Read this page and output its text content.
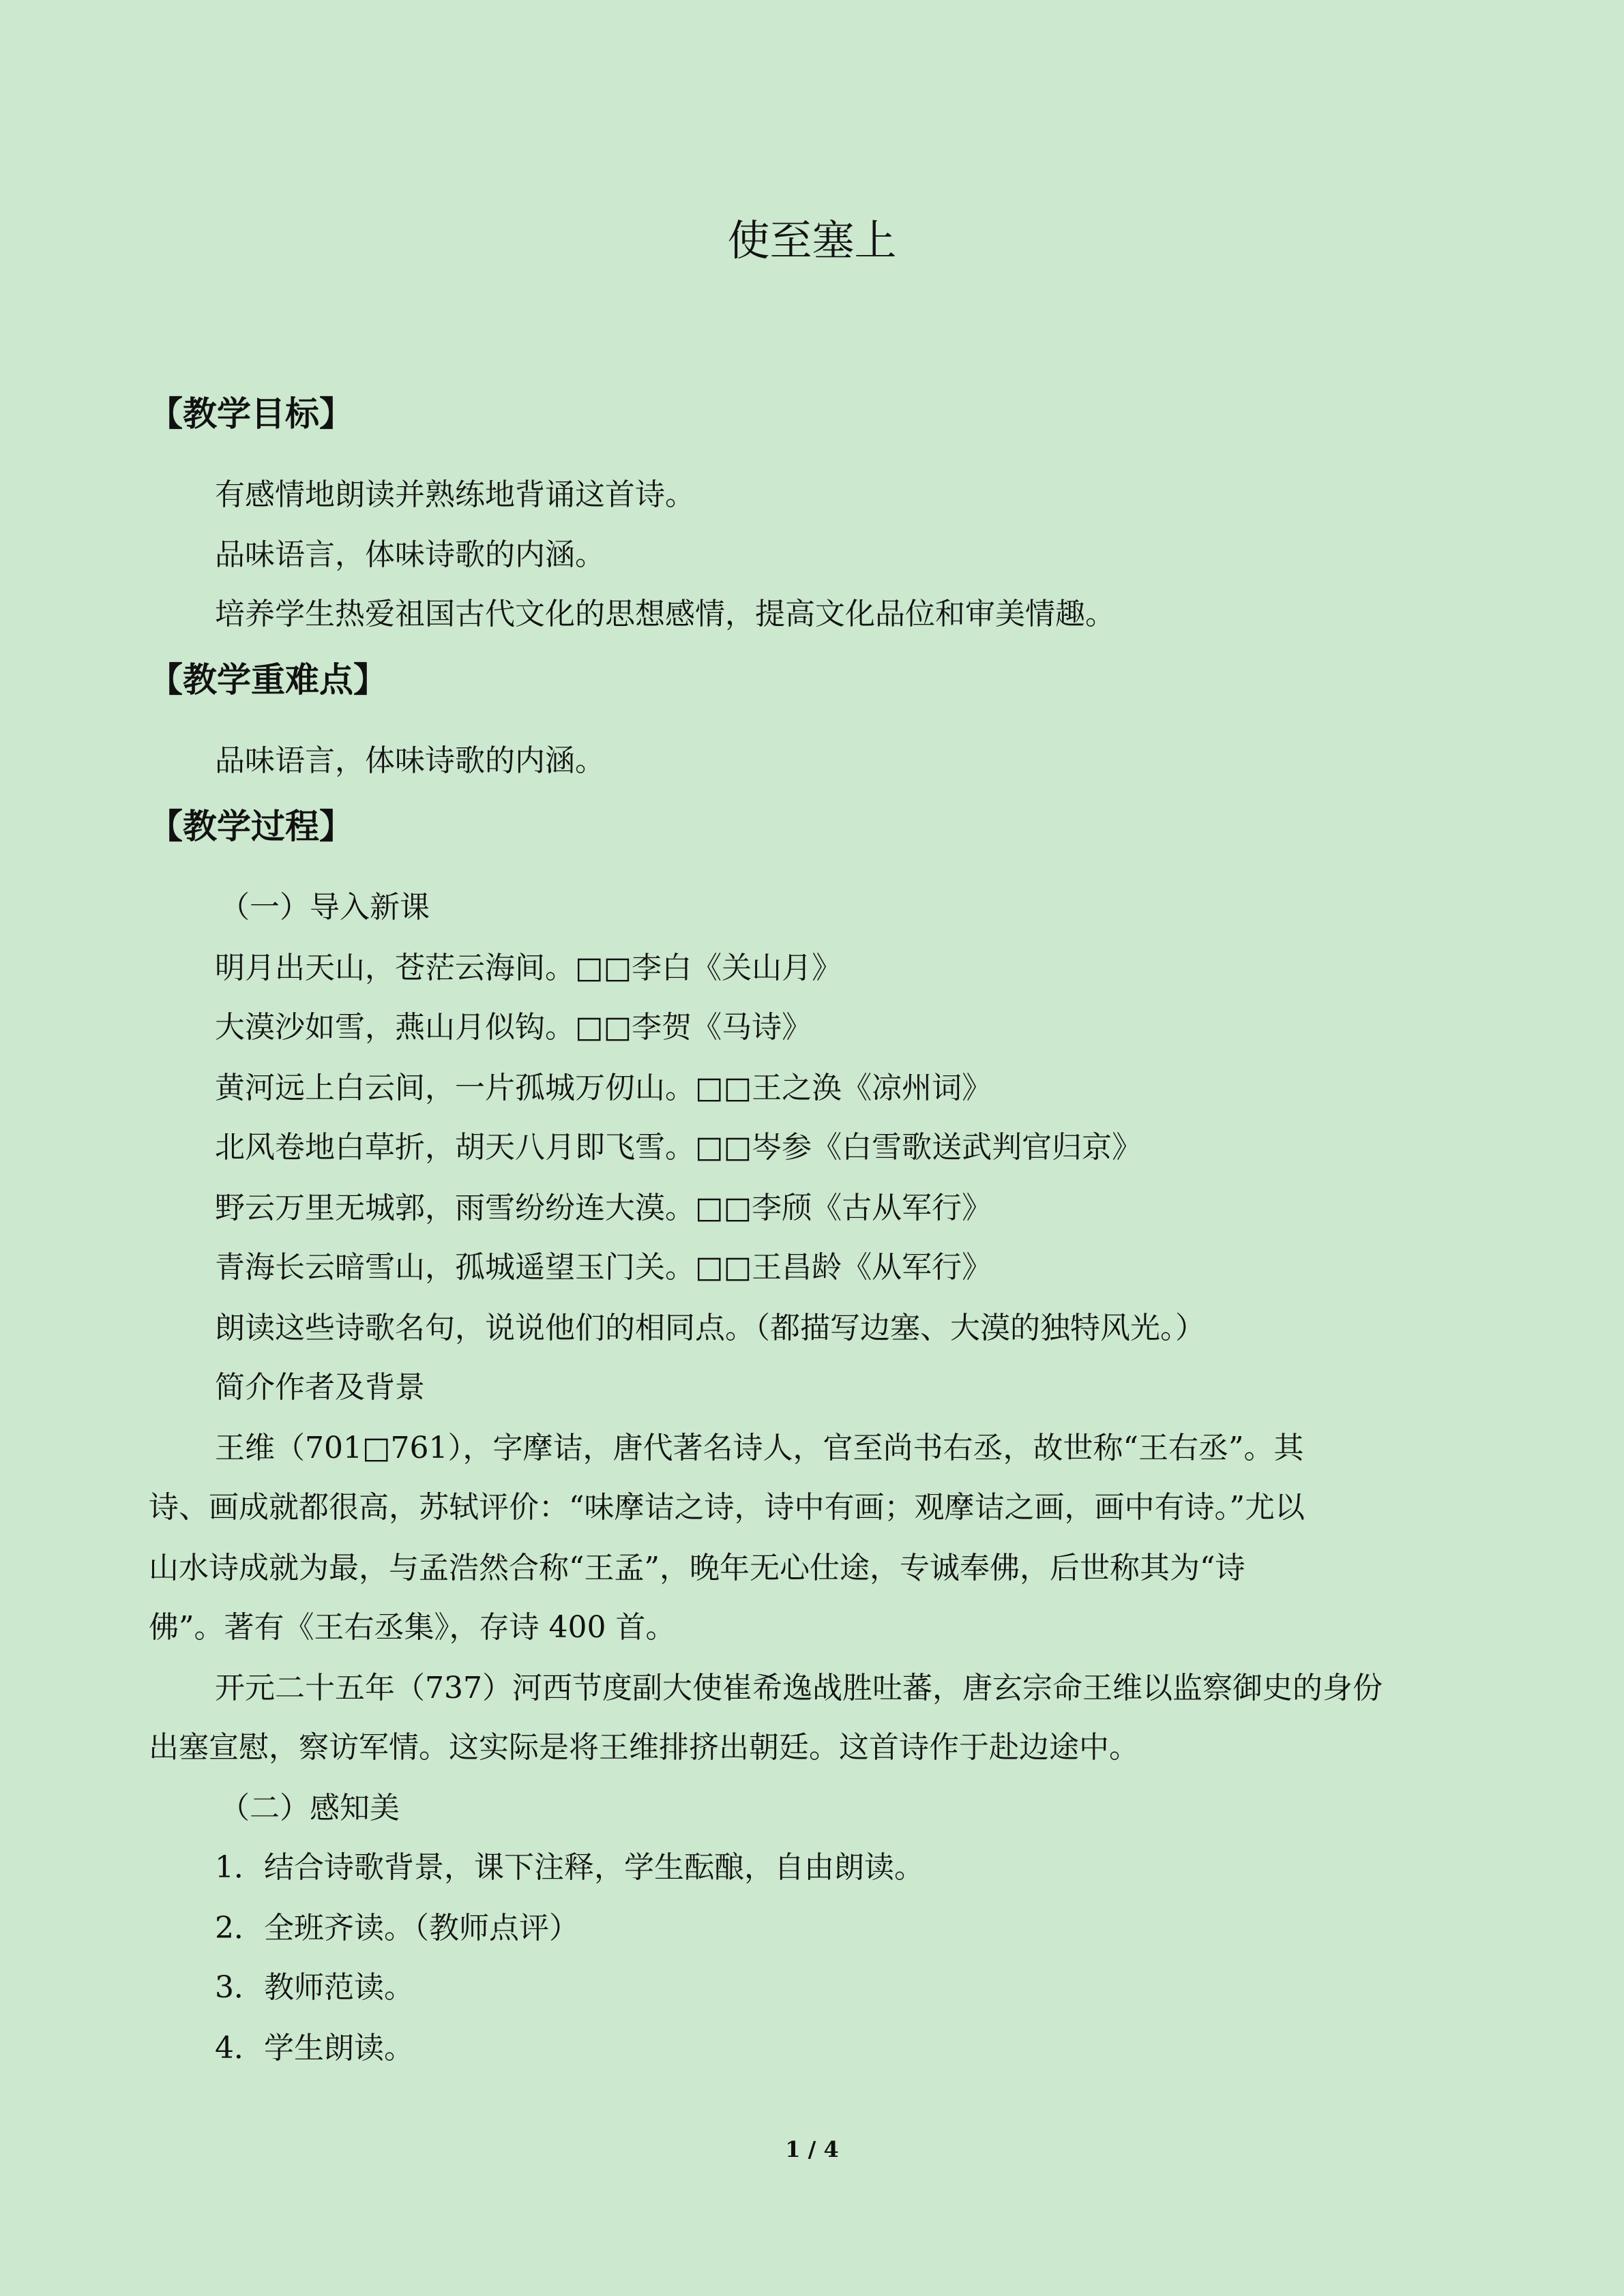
使至塞上
【教学目标】

有感情地朗读并熟练地背诵这首诗。

品味语言，体味诗歌的内涵。

培养学生热爱祖国古代文化的思想感情，提高文化品位和审美情趣。

【教学重难点】

品味语言，体味诗歌的内涵。

【教学过程】

（一）导入新课

明月出天山，苍茫云海间。□□李白《关山月》

大漠沙如雪，燕山月似钩。□□李贺《马诗》

黄河远上白云间，一片孤城万仞山。□□王之涣《凉州词》

北风卷地白草折，胡天八月即飞雪。□□岑参《白雪歌送武判官归京》

野云万里无城郭，雨雪纷纷连大漠。□□李颀《古从军行》

青海长云暗雪山，孤城遥望玉门关。□□王昌龄《从军行》

朗读这些诗歌名句，说说他们的相同点。（都描写边塞、大漠的独特风光。）

简介作者及背景

王维（701□761），字摩诘，唐代著名诗人，官至尚书右丞，故世称“王右丞”。其

诗、画成就都很高，苏轼评价：“味摩诘之诗，诗中有画；观摩诘之画，画中有诗。”尤以

山水诗成就为最，与孟浩然合称“王孟”，晚年无心仕途，专诚奉佛，后世称其为“诗

佛”。著有《王右丞集》，存诗 400 首。

开元二十五年（737）河西节度副大使崔希逸战胜吐蕃，唐玄宗命王维以监察御史的身份

出塞宣慰，察访军情。这实际是将王维排挤出朝廷。这首诗作于赴边途中。

（二）感知美

1．结合诗歌背景，课下注释，学生酝酿，自由朗读。

2．全班齐读。（教师点评）

3．教师范读。

4．学生朗读。

1 / 4
